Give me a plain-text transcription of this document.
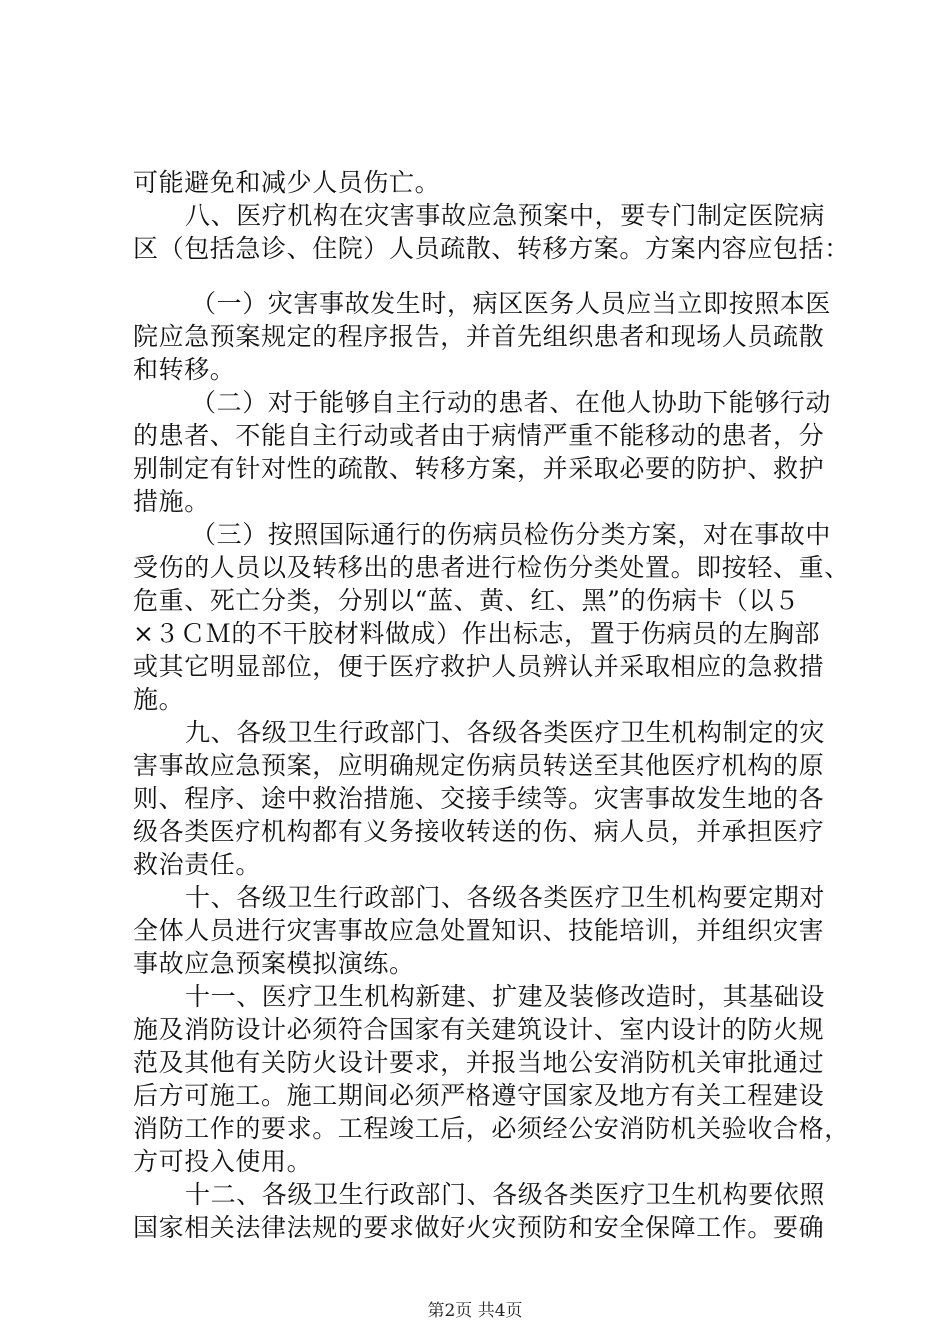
可能避免和减少人员伤亡。
八、医疗机构在灾害事故应急预案中，要专门制定医院病
区（包括急诊、住院）人员疏散、转移方案。方案内容应包括：
（一）灾害事故发生时，病区医务人员应当立即按照本医
院应急预案规定的程序报告，并首先组织患者和现场人员疏散
和转移。
（二）对于能够自主行动的患者、在他人协助下能够行动
的患者、不能自主行动或者由于病情严重不能移动的患者，分
别制定有针对性的疏散、转移方案，并采取必要的防护、救护
措施。
（三）按照国际通行的伤病员检伤分类方案，对在事故中
受伤的人员以及转移出的患者进行检伤分类处置。即按轻、重、
危重、死亡分类，分别以“蓝、黄、红、黑”的伤病卡（以５
×３ＣＭ的不干胶材料做成）作出标志，置于伤病员的左胸部
或其它明显部位，便于医疗救护人员辨认并采取相应的急救措
施。
九、各级卫生行政部门、各级各类医疗卫生机构制定的灾
害事故应急预案，应明确规定伤病员转送至其他医疗机构的原
则、程序、途中救治措施、交接手续等。灾害事故发生地的各
级各类医疗机构都有义务接收转送的伤、病人员，并承担医疗
救治责任。
十、各级卫生行政部门、各级各类医疗卫生机构要定期对
全体人员进行灾害事故应急处置知识、技能培训，并组织灾害
事故应急预案模拟演练。
十一、医疗卫生机构新建、扩建及装修改造时，其基础设
施及消防设计必须符合国家有关建筑设计、室内设计的防火规
范及其他有关防火设计要求，并报当地公安消防机关审批通过
后方可施工。施工期间必须严格遵守国家及地方有关工程建设
消防工作的要求。工程竣工后，必须经公安消防机关验收合格，
方可投入使用。
十二、各级卫生行政部门、各级各类医疗卫生机构要依照
国家相关法律法规的要求做好火灾预防和安全保障工作。要确
第2页 共4页
